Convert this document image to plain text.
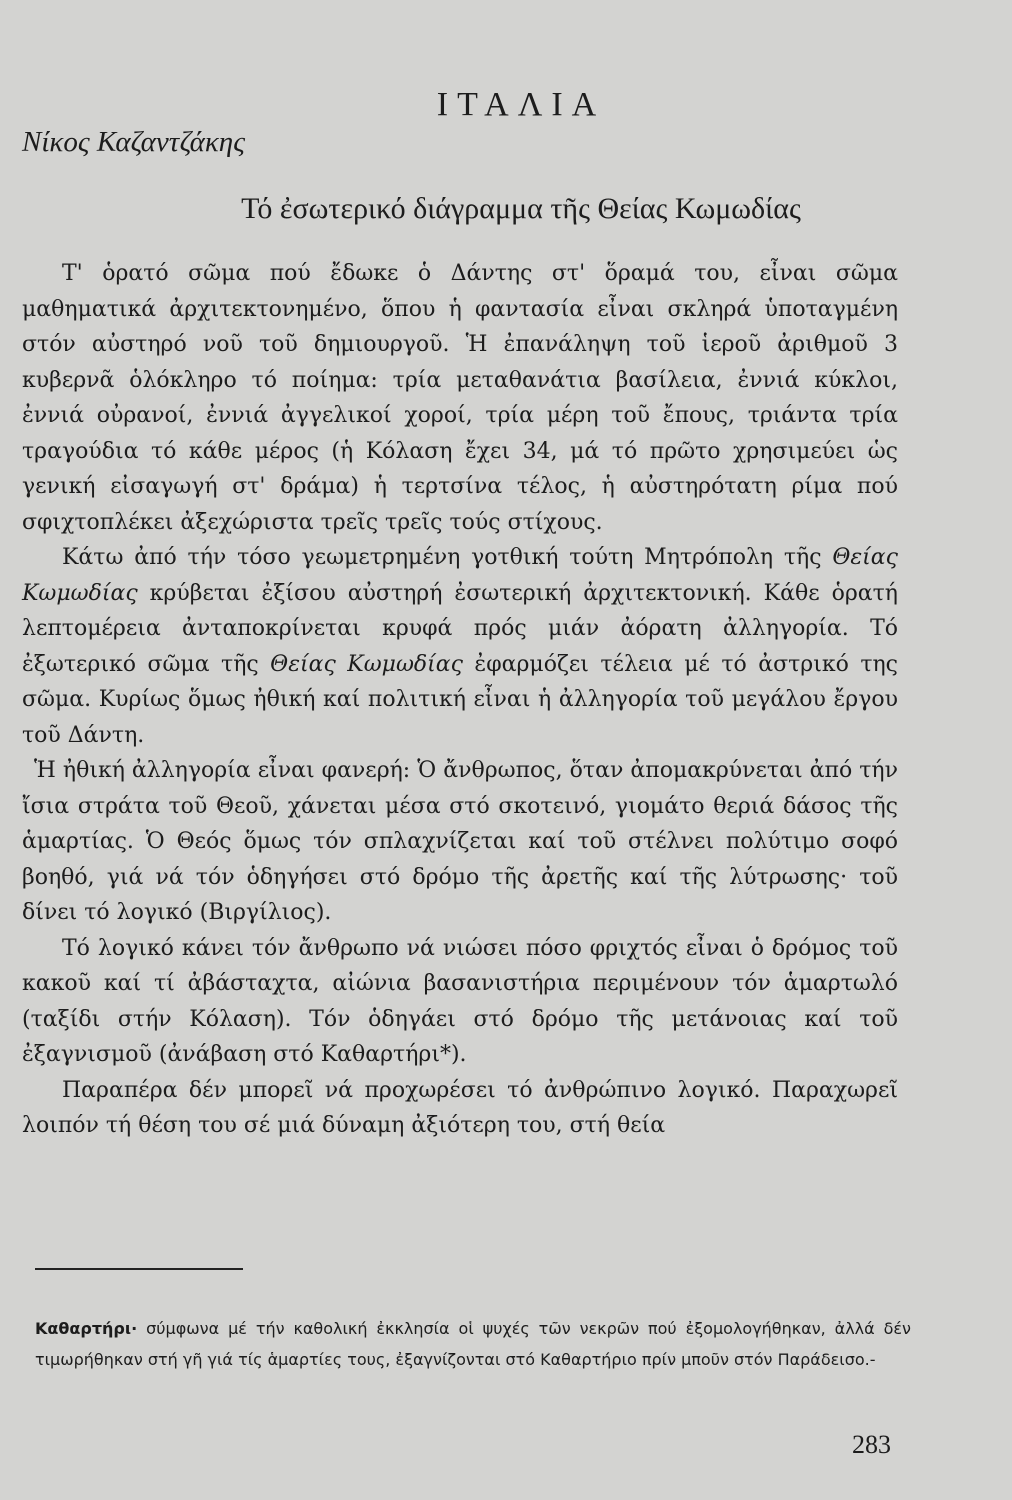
ΙΤΑΛΙΑ
Νίκος Καζαντζάκης
Τό ἐσωτερικό διάγραμμα τῆς Θείας Κωμωδίας

Τ' ὁρατό σῶμα πού ἔδωκε ὁ Δάντης στ' ὅραμά του, εἶναι σῶμα μαθηματικά ἀρχιτεκτονημένο, ὅπου ἡ φαντασία εἶναι σκληρά ὑποταγμένη στόν αὐστηρό νοῦ τοῦ δημιουργοῦ. Ἡ ἐπανάληψη τοῦ ἱεροῦ ἀριθμοῦ 3 κυβερνᾶ ὁλόκληρο τό ποίημα: τρία μεταθανάτια βασίλεια, ἐννιά κύκλοι, ἐννιά οὐρανοί, ἐννιά ἀγγελικοί χοροί, τρία μέρη τοῦ ἔπους, τριάντα τρία τραγούδια τό κάθε μέρος (ἡ Κόλαση ἔχει 34, μά τό πρῶτο χρησιμεύει ὡς γενική εἰσαγωγή στ' δράμα) ἡ τερτσίνα τέλος, ἡ αὐστηρότατη ρίμα πού σφιχτοπλέκει ἀξεχώριστα τρεῖς τρεῖς τούς στίχους.

Κάτω ἀπό τήν τόσο γεωμετρημένη γοτθική τούτη Μητρόπολη τῆς Θείας Κωμωδίας κρύβεται ἐξίσου αὐστηρή ἐσωτερική ἀρχιτεκτονική. Κάθε ὁρατή λεπτομέρεια ἀνταποκρίνεται κρυφά πρός μιάν ἀόρατη ἀλληγορία. Τό ἐξωτερικό σῶμα τῆς Θείας Κωμωδίας ἐφαρμόζει τέλεια μέ τό ἀστρικό της σῶμα. Κυρίως ὅμως ἠθική καί πολιτική εἶναι ἡ ἀλληγορία τοῦ μεγάλου ἔργου τοῦ Δάντη.

Ἡ ἠθική ἀλληγορία εἶναι φανερή: Ὁ ἄνθρωπος, ὅταν ἀπομακρύνεται ἀπό τήν ἴσια στράτα τοῦ Θεοῦ, χάνεται μέσα στό σκοτεινό, γιομάτο θεριά δάσος τῆς ἁμαρτίας. Ὁ Θεός ὅμως τόν σπλαχνίζεται καί τοῦ στέλνει πολύτιμο σοφό βοηθό, γιά νά τόν ὁδηγήσει στό δρόμο τῆς ἀρετῆς καί τῆς λύτρωσης· τοῦ δίνει τό λογικό (Βιργίλιος).

Τό λογικό κάνει τόν ἄνθρωπο νά νιώσει πόσο φριχτός εἶναι ὁ δρόμος τοῦ κακοῦ καί τί ἀβάσταχτα, αἰώνια βασανιστήρια περιμένουν τόν ἁμαρτωλό (ταξίδι στήν Κόλαση). Τόν ὁδηγάει στό δρόμο τῆς μετάνοιας καί τοῦ ἐξαγνισμοῦ (ἀνάβαση στό Καθαρτήρι*).

Παραπέρα δέν μπορεῖ νά προχωρέσει τό ἀνθρώπινο λογικό. Παραχωρεῖ λοιπόν τή θέση του σέ μιά δύναμη ἀξιότερη του, στή θεία

Καθαρτήρι· σύμφωνα μέ τήν καθολική ἐκκλησία οἱ ψυχές τῶν νεκρῶν πού ἐξομολογήθηκαν, ἀλλά δέν τιμωρήθηκαν στή γῆ γιά τίς ἁμαρτίες τους, ἐξαγνίζονται στό Καθαρτήριο πρίν μποῦν στόν Παράδεισο.-

283
